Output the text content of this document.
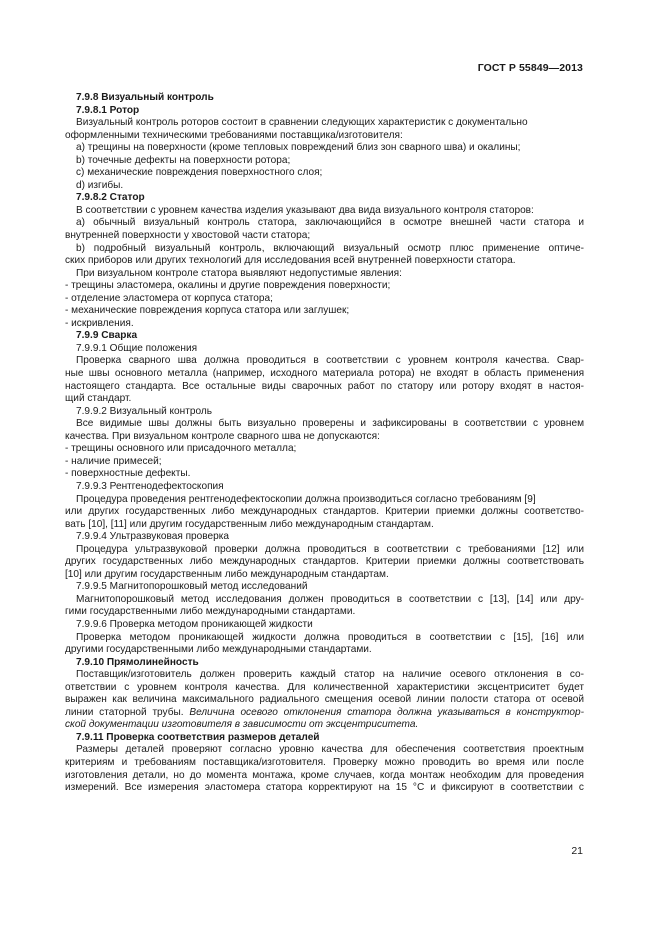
ГОСТ Р 55849—2013
7.9.8 Визуальный контроль
7.9.8.1 Ротор
Визуальный контроль роторов состоит в сравнении следующих характеристик с документально
оформленными техническими требованиями поставщика/изготовителя:
a) трещины на поверхности (кроме тепловых повреждений близ зон сварного шва) и окалины;
b) точечные дефекты на поверхности ротора;
c) механические повреждения поверхностного слоя;
d) изгибы.
7.9.8.2 Статор
В соответствии с уровнем качества изделия указывают два вида визуального контроля статоров:
a) обычный визуальный контроль статора, заключающийся в осмотре внешней части статора и
внутренней поверхности у хвостовой части статора;
b) подробный визуальный контроль, включающий визуальный осмотр плюс применение оптиче-
ских приборов или других технологий для исследования всей внутренней поверхности статора.
При визуальном контроле статора выявляют недопустимые явления:
- трещины эластомера, окалины и другие повреждения поверхности;
- отделение эластомера от корпуса статора;
- механические повреждения корпуса статора или заглушек;
- искривления.
7.9.9 Сварка
7.9.9.1 Общие положения
Проверка сварного шва должна проводиться в соответствии с уровнем контроля качества. Свар-
ные швы основного металла (например, исходного материала ротора) не входят в область применения
настоящего стандарта. Все остальные виды сварочных работ по статору или ротору входят в настоя-
щий стандарт.
7.9.9.2 Визуальный контроль
Все видимые швы должны быть визуально проверены и зафиксированы в соответствии с уровнем
качества. При визуальном контроле сварного шва не допускаются:
- трещины основного или присадочного металла;
- наличие примесей;
- поверхностные дефекты.
7.9.9.3 Рентгенодефектоскопия
Процедура проведения рентгенодефектоскопии должна производиться согласно требованиям [9]
или других государственных либо международных стандартов. Критерии приемки должны соответство-
вать [10], [11] или другим государственным либо международным стандартам.
7.9.9.4 Ультразвуковая проверка
Процедура ультразвуковой проверки должна проводиться в соответствии с требованиями [12] или
других государственных либо международных стандартов. Критерии приемки должны соответствовать
[10] или другим государственным либо международным стандартам.
7.9.9.5 Магнитопорошковый метод исследований
Магнитопорошковый метод исследования должен проводиться в соответствии с [13], [14] или дру-
гими государственными либо международными стандартами.
7.9.9.6 Проверка методом проникающей жидкости
Проверка методом проникающей жидкости должна проводиться в соответствии с [15], [16] или
другими государственными либо международными стандартами.
7.9.10 Прямолинейность
Поставщик/изготовитель должен проверить каждый статор на наличие осевого отклонения в со-
ответствии с уровнем контроля качества. Для количественной характеристики эксцентриситет будет
выражен как величина максимального радиального смещения осевой линии полости статора от осевой
линии статорной трубы. Величина осевого отклонения статора должна указываться в конструктор-
ской документации изготовителя в зависимости от эксцентриситета.
7.9.11 Проверка соответствия размеров деталей
Размеры деталей проверяют согласно уровню качества для обеспечения соответствия проектным
критериям и требованиям поставщика/изготовителя. Проверку можно проводить во время или после
изготовления детали, но до момента монтажа, кроме случаев, когда монтаж необходим для проведения
измерений. Все измерения эластомера статора корректируют на 15 °C и фиксируют в соответствии с
21
